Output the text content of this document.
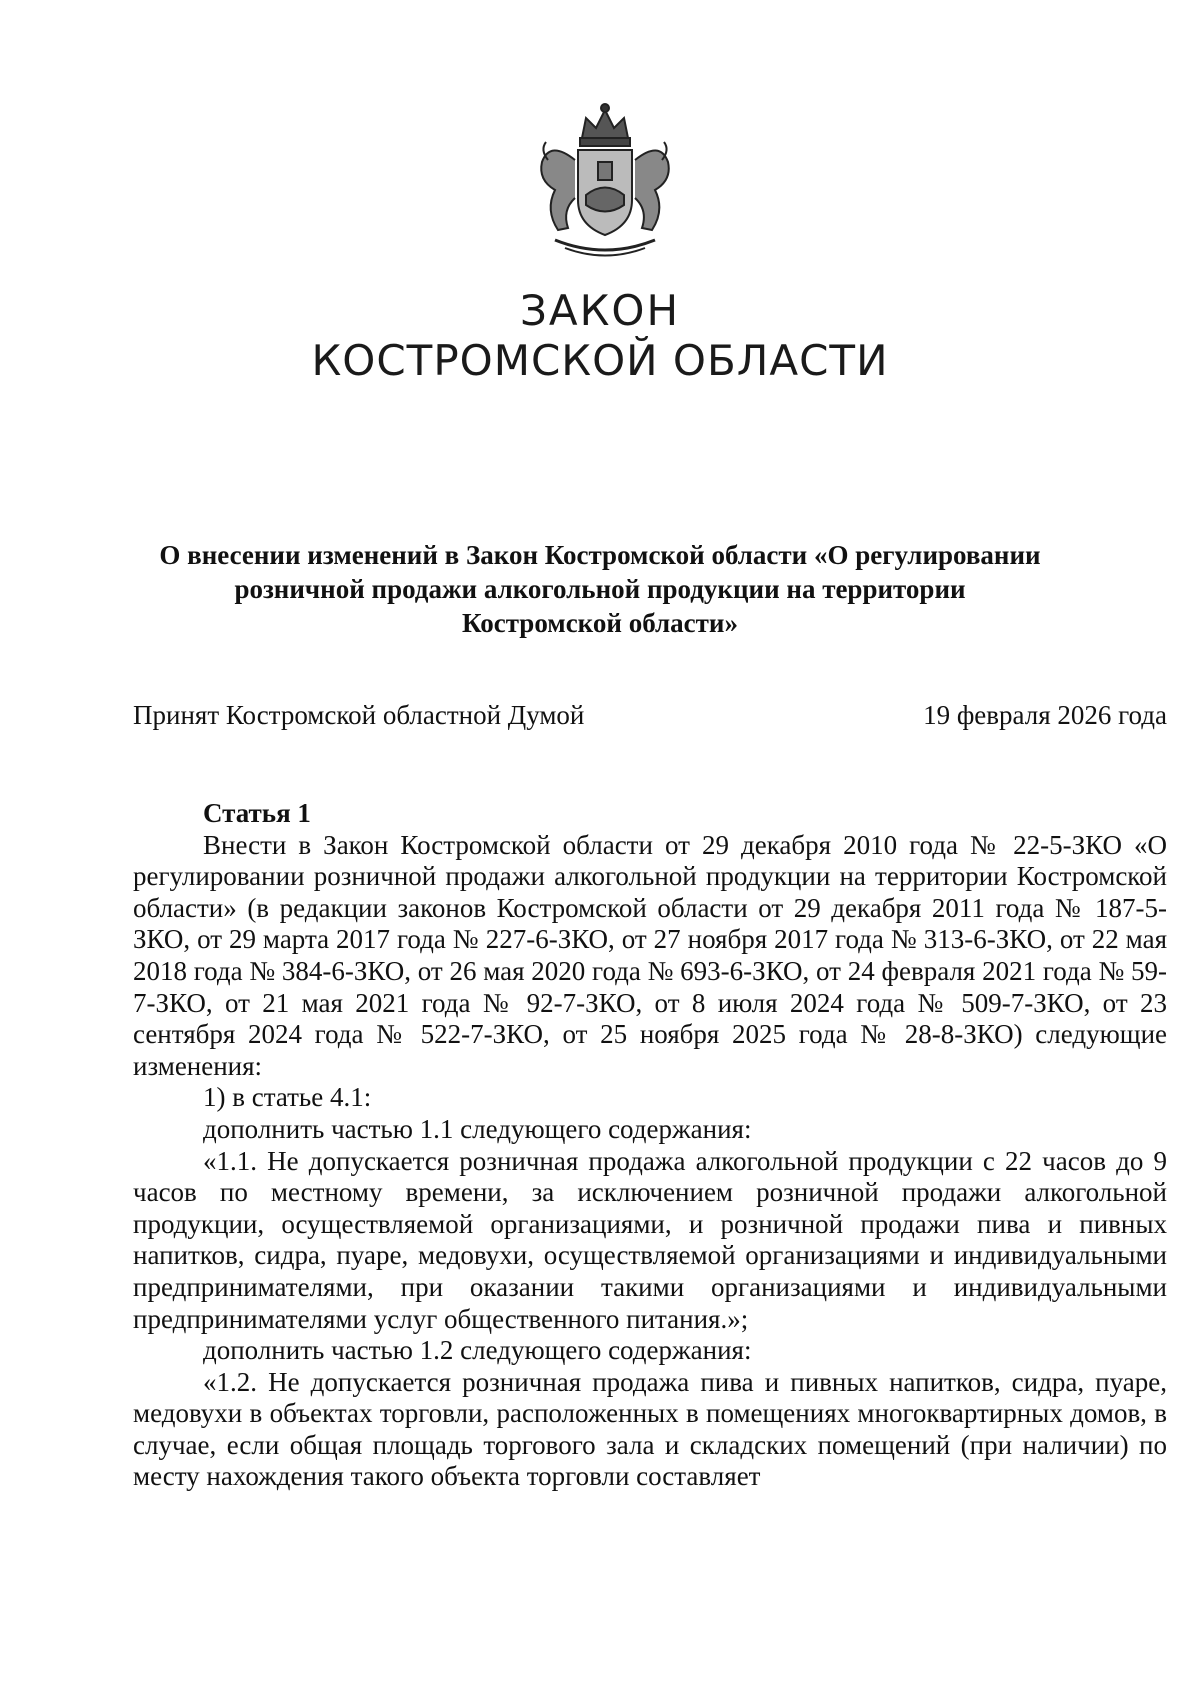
ЗАКОН
КОСТРОМСКОЙ ОБЛАСТИ
О внесении изменений в Закон Костромской области «О регулировании
розничной продажи алкогольной продукции на территории
Костромской области»
Принят Костромской областной Думой	19 февраля 2026 года
Статья 1

Внести в Закон Костромской области от 29 декабря 2010 года № 22-5-ЗКО «О регулировании розничной продажи алкогольной продукции на территории Костромской области» (в редакции законов Костромской области от 29 декабря 2011 года № 187-5-ЗКО, от 29 марта 2017 года № 227-6-ЗКО, от 27 ноября 2017 года № 313-6-ЗКО, от 22 мая 2018 года № 384-6-ЗКО, от 26 мая 2020 года № 693-6-ЗКО, от 24 февраля 2021 года № 59-7-ЗКО, от 21 мая 2021 года № 92-7-ЗКО, от 8 июля 2024 года № 509-7-ЗКО, от 23 сентября 2024 года № 522-7-ЗКО, от 25 ноября 2025 года № 28-8-ЗКО) следующие изменения:

1) в статье 4.1:

дополнить частью 1.1 следующего содержания:

«1.1. Не допускается розничная продажа алкогольной продукции с 22 часов до 9 часов по местному времени, за исключением розничной продажи алкогольной продукции, осуществляемой организациями, и розничной продажи пива и пивных напитков, сидра, пуаре, медовухи, осуществляемой организациями и индивидуальными предпринимателями, при оказании такими организациями и индивидуальными предпринимателями услуг общественного питания.»;

дополнить частью 1.2 следующего содержания:

«1.2. Не допускается розничная продажа пива и пивных напитков, сидра, пуаре, медовухи в объектах торговли, расположенных в помещениях многоквартирных домов, в случае, если общая площадь торгового зала и складских помещений (при наличии) по месту нахождения такого объекта торговли составляет
